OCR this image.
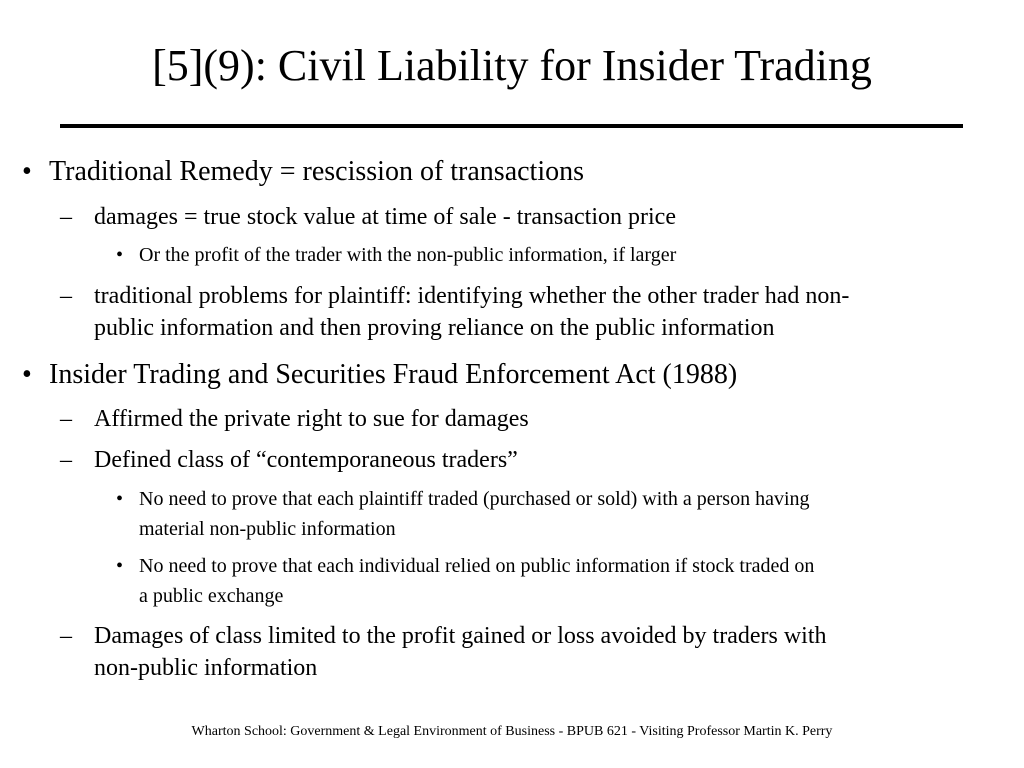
[5](9): Civil Liability for Insider Trading
• Traditional Remedy = rescission of transactions
– damages = true stock value at time of sale - transaction price
• Or the profit of the trader with the non-public information, if larger
– traditional problems for plaintiff: identifying whether the other trader had non-
public information and then proving reliance on the public information
• Insider Trading and Securities Fraud Enforcement Act (1988)
– Affirmed the private right to sue for damages
– Defined class of “contemporaneous traders”
• No need to prove that each plaintiff traded (purchased or sold) with a person having
material non-public information
• No need to prove that each individual relied on public information if stock traded on
a public exchange
– Damages of class limited to the profit gained or loss avoided by traders with
non-public information
Wharton School: Government & Legal Environment of Business - BPUB 621 - Visiting Professor Martin K. Perry
